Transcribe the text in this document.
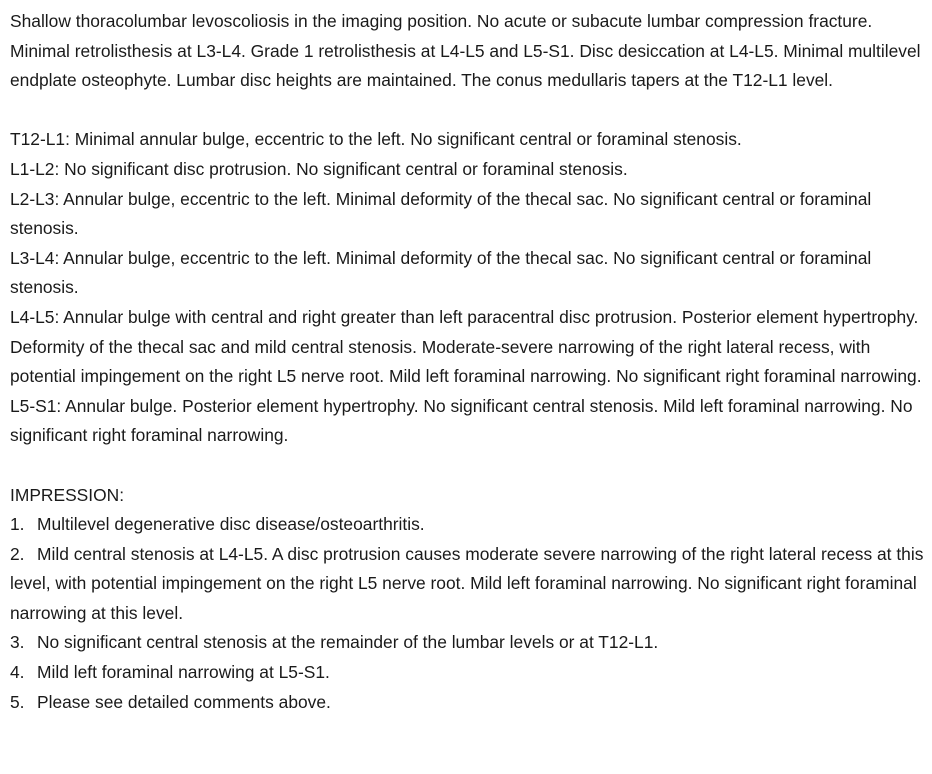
Shallow thoracolumbar levoscoliosis in the imaging position. No acute or subacute lumbar compression fracture. Minimal retrolisthesis at L3-L4. Grade 1 retrolisthesis at L4-L5 and L5-S1. Disc desiccation at L4-L5. Minimal multilevel endplate osteophyte. Lumbar disc heights are maintained. The conus medullaris tapers at the T12-L1 level.

T12-L1: Minimal annular bulge, eccentric to the left. No significant central or foraminal stenosis.

L1-L2: No significant disc protrusion. No significant central or foraminal stenosis.

L2-L3: Annular bulge, eccentric to the left. Minimal deformity of the thecal sac. No significant central or foraminal stenosis.

L3-L4: Annular bulge, eccentric to the left. Minimal deformity of the thecal sac. No significant central or foraminal stenosis.

L4-L5: Annular bulge with central and right greater than left paracentral disc protrusion. Posterior element hypertrophy. Deformity of the thecal sac and mild central stenosis. Moderate-severe narrowing of the right lateral recess, with potential impingement on the right L5 nerve root. Mild left foraminal narrowing. No significant right foraminal narrowing.

L5-S1: Annular bulge. Posterior element hypertrophy. No significant central stenosis. Mild left foraminal narrowing. No significant right foraminal narrowing.

IMPRESSION:

1. Multilevel degenerative disc disease/osteoarthritis.

2. Mild central stenosis at L4-L5. A disc protrusion causes moderate severe narrowing of the right lateral recess at this level, with potential impingement on the right L5 nerve root. Mild left foraminal narrowing. No significant right foraminal narrowing at this level.

3. No significant central stenosis at the remainder of the lumbar levels or at T12-L1.

4. Mild left foraminal narrowing at L5-S1.

5. Please see detailed comments above.
